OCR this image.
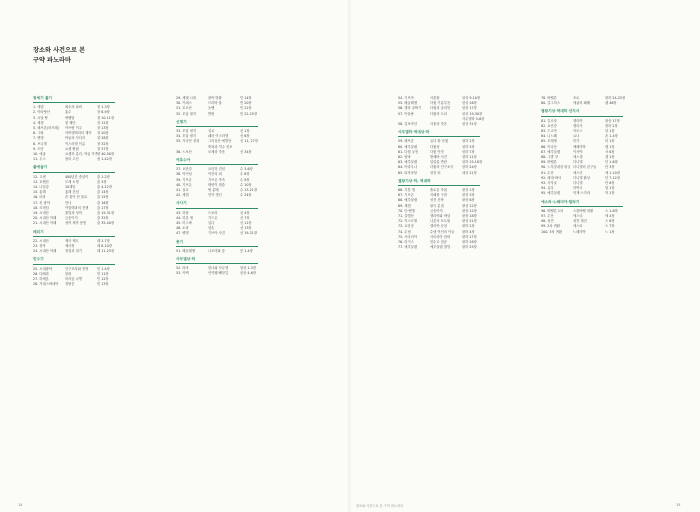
장소와 사건으로 본
구약 파노라마
창세기 출기
1. 에덴	최초의 타락	창 1-3장
2. 아라랏산	홍수	창 6-9장
3. 시날 땅	바벨탑	창 10-11장
4. 세겜	첫 제단	창 12장
5. 헤브론(마므레)	아브람 이주	창 13장
6. 그랄	아비멜렉과의 계약	창 20장
7. 벧엘	야곱의 사다리	창 28장
8. 브니엘	이스라엘 이름	창 32장
9. 도단	요셉 팔림	창 37장
10. 애굽	요셉의 총리, 야곱 가족 창 40-50장
11. 우스	욥의 고난	욥 1-42장
출애굽기
12. 고센	400년간 종살이	출 1-2장
13. 호렙산	모세 소명	출 3장
14. 나일강	10재앙	출 4-12장
15. 홍해	홍해 건넘	출 14장
16. 마라	쓴 물이 단 물로	출 15장
17. 신 광야	만나	출 16장
18. 르비딤	아말렉과의 전쟁	출 17장
19. 시내산	율법과 성막	출 19-31장
20. 시내산 아래	금송아지	출 32장
21. 시내산 아래	성막 제작 봉헌	출 35-40장
레위기
22. 시내산	제사 제도	레 1-7장
23. 성막	제사장	레 8-10장
24. 시내산 아래	정결과 절기	레 11-25장
민수기
25. 시내광야	인구조사와 진영	민 1-4장
26. 다베라	불평	민 11장
27. 하세롯	미리암 나병	민 12장
28. 가데스바네아	정탐꾼	민 13장
29. 세렛 시내	광야 방황	민 14장
30. 가데스	므리바 물	민 20장
31. 호르산	놋뱀	민 21장
32. 모압 평지	발람	민 22-25장
신명기
33. 모압 평지	설교	신 1장
34. 모압 평지	쉐마 이스라엘	신 6장
35. 가나안 정복	그리심산·에발산	신 11, 27장
축복과 저주 선포
36. 느보산	모세의 죽음	신 34장
여호수아
37. 요단강	요단강 건넘	수 3-6장
38. 아이성	아간의 죄	수 8장
39. 기브온	기브온 족속	수 9장
40. 기브온	태양이 멈춤	수 10장
41. 실로	땅 분배	수 13-21장
42. 세겜	언약 갱신	수 24장
사사기
43. 하솔	드보라	삿 4장
44. 하롯 샘	기드온	삿 7장
45. 미스바	입다	삿 11장
46. 소라	삼손	삿 13장
47. 벧엘	기브아 사건	삿 19-21장
룻기
51. 베들레헴	나오미와 룻	룻 1-4장
사무엘상·하
52. 라마	한나와 사무엘	삼상 1-3장
53. 아벡	언약궤 빼앗김	삼상 4-6장
54. 기브아	사울왕	삼상 9-10장
55. 베들레헴	다윗 기름부음	삼상 16장
56. 엘라 골짜기	다윗과 골리앗	삼상 17장
57. 아둘람	다윗의 도피	삼상 19-30장
사무엘하 5-6장
58. 길보아산	사울의 죽음	삼상 31장
사무엘하·역대상·하
59. 헤브론	유다 왕 다윗	삼하 2장
60. 예루살렘	다윗성	삼하 5장
61. 다윗 궁전	다윗 언약	삼하 7장
62. 랍바	밧세바 사건	삼하 11장
63. 예루살렘	압살롬 반란	삼하 15-18장
64. 아라우나	다윗의 인구조사	삼하 24장
65. 타작마당	성전 터	대상 21장
열왕기상·하, 역대하
66. 기혼 샘	솔로몬 즉위	왕상 1장
67. 기브온	지혜를 구함	왕상 3장
68. 예루살렘	성전 건축	왕상 6장
69. 세겜	왕국 분열	왕상 12장
70. 단·벧엘	금송아지	왕상 12장
71. 갈멜산	엘리야와 바알	왕상 18장
72. 이스르엘	나봇의 포도원	왕상 21장
73. 요단강	엘리야 승천	왕하 2장
74. 수넴	수넴 여인의 아들	왕하 4장
75. 사마리아	사마리아 함락	왕하 17장
76. 라기스	앗수르 침공	왕하 18장
77. 예루살렘	예루살렘 멸망	왕하 25장
78. 바벨론	포로	왕하 24-25장
80. 갈그미스	애굽의 패배	렘 46장
열왕기상·역대하 선지서
81. 길르앗	엘리야	왕상 17장
82. 요단강	엘리사	왕하 2장
83. 드고아	아모스	암 1장
84. 니느웨	요나	욘 1-4장
85. 모레셋	미가	미 1장
86. 아나돗	예레미야	렘 1장
87. 예루살렘	이사야	사 6장
88. 그발 강	에스겔	겔 1장
89. 바벨론	다니엘	단 1-6장
90. 느부갓네살 왕궁 다니엘의 친구들	단 3장
91. 수산	에스더	에 1-10장
92. 메대·바사	다니엘 환상	단 7-12장
93. 사자굴	다니엘	단 6장
94. 유다	하박국	합 1장
95. 예루살렘	학개·스가랴	학 1장
에스라·느헤미야·말라기
96. 바벨론 1차	스룹바벨 귀환	스 1-6장
97. 수산	에스더	에 4장
98. 성전	성전 재건	스 6장
99. 2차 귀환	에스라	스 7장
100. 3차 귀환	느헤미야	느 1장
14	장소와 사건으로 본 구약 파노라마	15
